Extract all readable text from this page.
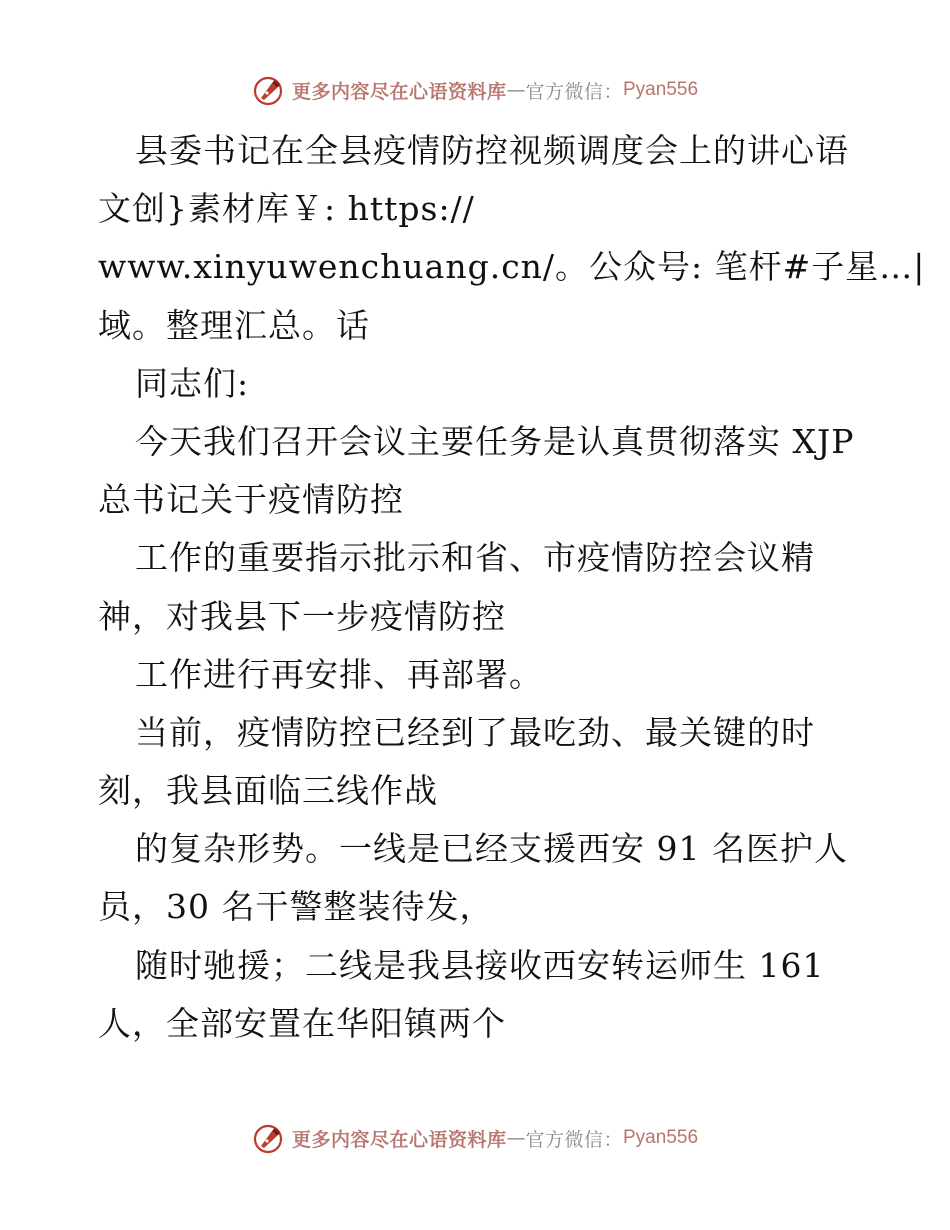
更多内容尽在心语资料库 — 官方微信： Pyan556
县委书记在全县疫情防控视频调度会上的讲心语
文创}素材库￥: https://
www.xinyuwenchuang.cn/。公众号: 笔杆#子星…|
域。整理汇总。话
同志们:
今天我们召开会议主要任务是认真贯彻落实 XJP
总书记关于疫情防控
工作的重要指示批示和省、市疫情防控会议精
神，对我县下一步疫情防控
工作进行再安排、再部署。
当前，疫情防控已经到了最吃劲、最关键的时
刻，我县面临三线作战
的复杂形势。一线是已经支援西安 91 名医护人
员，30 名干警整装待发，
随时驰援；二线是我县接收西安转运师生 161
人，全部安置在华阳镇两个
更多内容尽在心语资料库 — 官方微信： Pyan556
